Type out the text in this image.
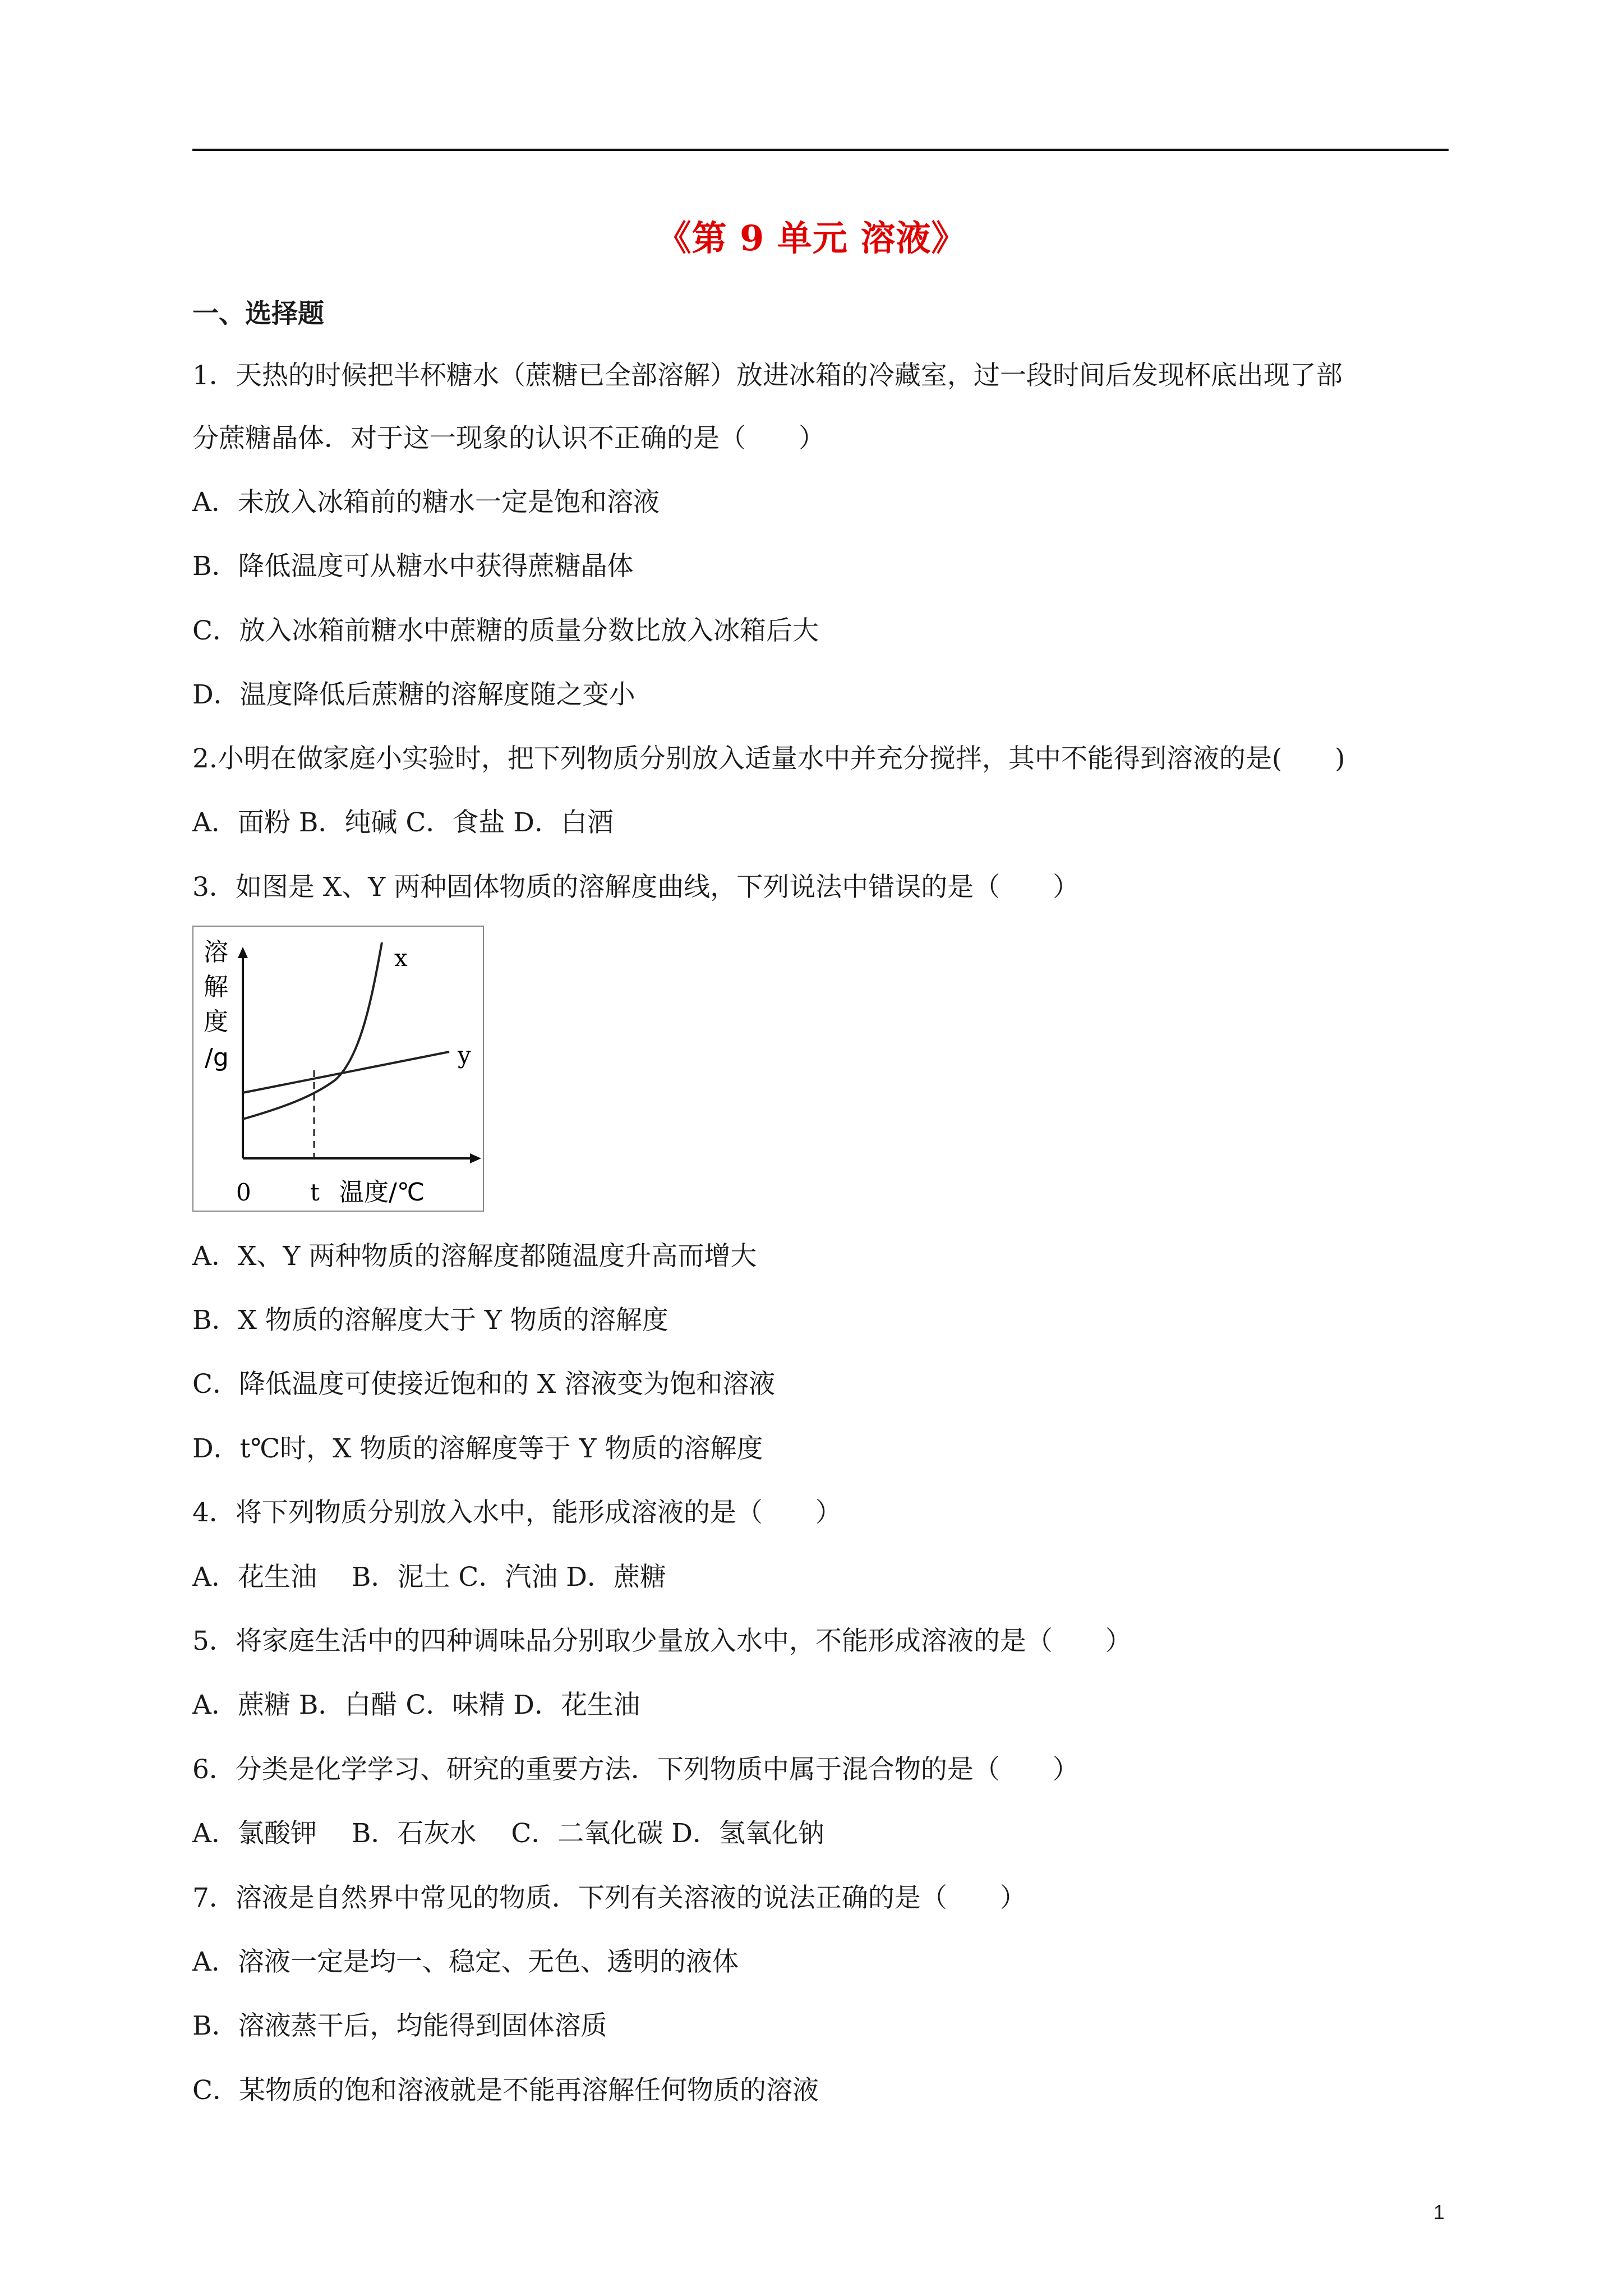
《第 9 单元 溶液》
一、选择题
1．天热的时候把半杯糖水（蔗糖已全部溶解）放进冰箱的冷藏室，过一段时间后发现杯底出现了部
分蔗糖晶体．对于这一现象的认识不正确的是（　　）
A．未放入冰箱前的糖水一定是饱和溶液
B．降低温度可从糖水中获得蔗糖晶体
C．放入冰箱前糖水中蔗糖的质量分数比放入冰箱后大
D．温度降低后蔗糖的溶解度随之变小
2.小明在做家庭小实验时，把下列物质分别放入适量水中并充分搅拌，其中不能得到溶液的是(　　)
A．面粉 B．纯碱 C．食盐 D．白酒
3．如图是 X、Y 两种固体物质的溶解度曲线，下列说法中错误的是（　　）
溶
解
度
/g
x
y
0	t 温度/℃
A．X、Y 两种物质的溶解度都随温度升高而增大
B．X 物质的溶解度大于 Y 物质的溶解度
C．降低温度可使接近饱和的 X 溶液变为饱和溶液
D．t℃时，X 物质的溶解度等于 Y 物质的溶解度
4．将下列物质分别放入水中，能形成溶液的是（　　）
A．花生油　 B．泥土 C．汽油 D．蔗糖
5．将家庭生活中的四种调味品分别取少量放入水中，不能形成溶液的是（　　）
A．蔗糖 B．白醋 C．味精 D．花生油
6．分类是化学学习、研究的重要方法．下列物质中属于混合物的是（　　）
A．氯酸钾　 B．石灰水　 C．二氧化碳 D．氢氧化钠
7．溶液是自然界中常见的物质．下列有关溶液的说法正确的是（　　）
A．溶液一定是均一、稳定、无色、透明的液体
B．溶液蒸干后，均能得到固体溶质
C．某物质的饱和溶液就是不能再溶解任何物质的溶液
1
